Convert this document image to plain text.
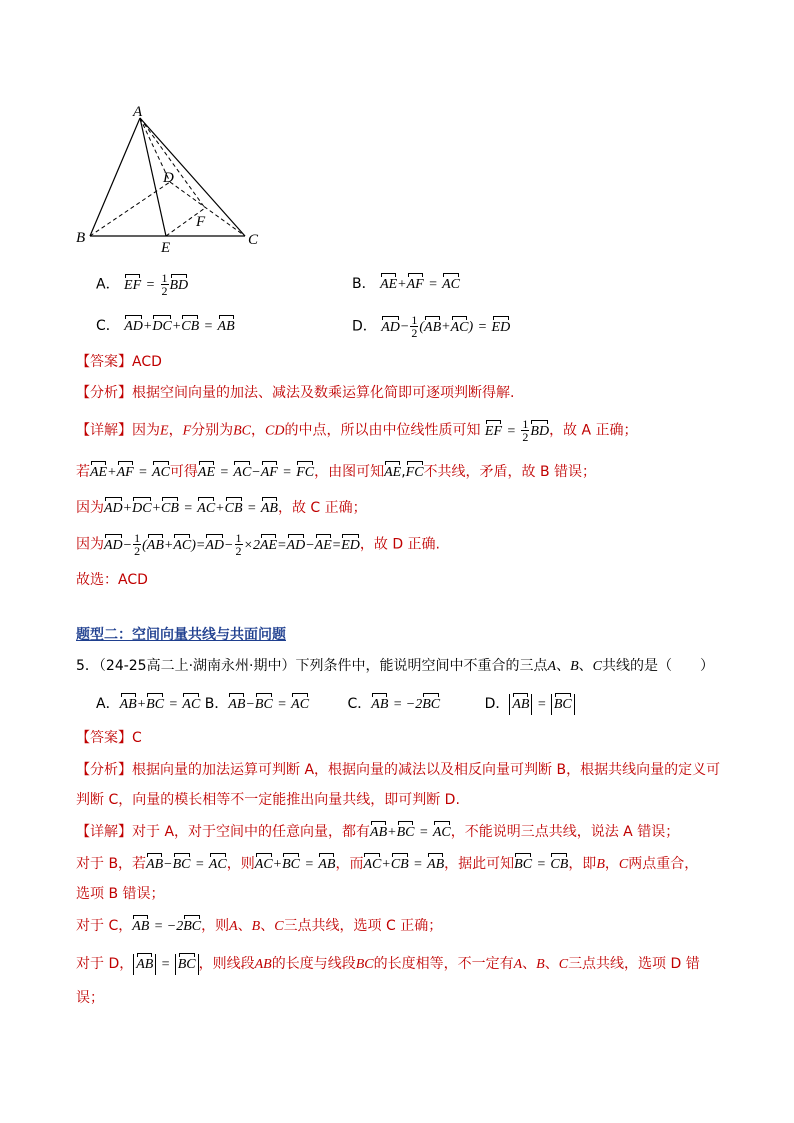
A
B	C
D
E
F
A． EF = $\frac{1}{2}$ BD	B． AE+AF = AC
C． AD+DC+CB = AB	D． $AD- \frac{1}{2} (AB+AC)$ = ED
【答案】ACD
【分析】根据空间向量的加法、减法及数乘运算化简即可逐项判断得解.
【详解】因为E，F分别为BC，CD的中点，所以由中位线性质可知 EF = $\frac{1}{2}$ BD，故 A 正确；
若AE+AF = AC可得AE = AC−AF = FC，由图可知AE,FC不共线，矛盾，故 B 错误；
因为AD+DC+CB = AC+CB = AB，故 C 正确；
因为$AD- \frac{1}{2} (AB+AC)=AD- \frac{1}{2} \times 2AE=AD-AE=ED$，故 D 正确.
故选：ACD
题型二：空间向量共线与共面问题
5．（24-25高二上·湖南永州·期中）下列条件中，能说明空间中不重合的三点A、B、C共线的是（　　）
A．AB+BC = AC B．AB−BC = AC	C．AB = −2BC	D． AB = BC
【答案】C
【分析】根据向量的加法运算可判断 A，根据向量的减法以及相反向量可判断 B，根据共线向量的定义可
判断 C，向量的模长相等不一定能推出向量共线，即可判断 D.
【详解】对于 A，对于空间中的任意向量，都有AB+BC = AC，不能说明三点共线，说法 A 错误；
对于 B，若AB−BC = AC，则AC+BC = AB，而AC+CB = AB，据此可知BC = CB，即B，C两点重合，
选项 B 错误；
对于 C，AB = −2BC，则A、B、C三点共线，选项 C 正确；
对于 D， AB = BC ，则线段AB的长度与线段BC的长度相等，不一定有A、B、C三点共线，选项 D 错
误；
